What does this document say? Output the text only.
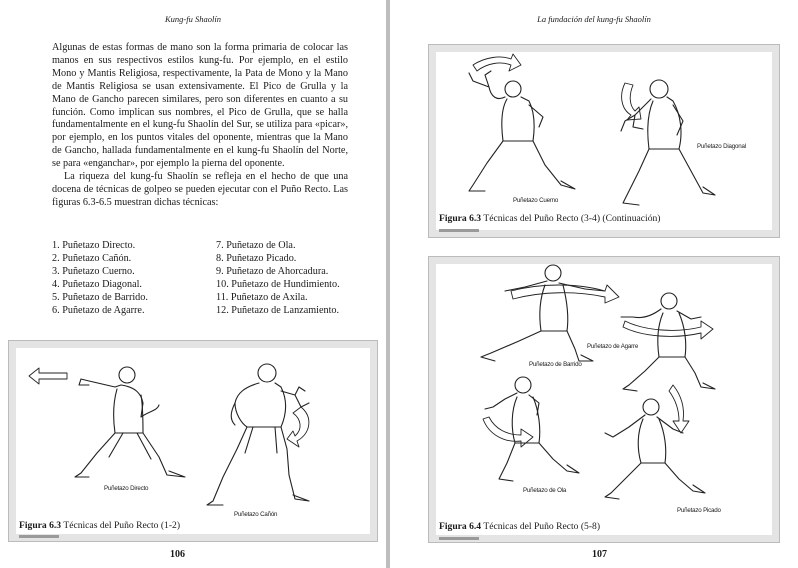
Kung-fu Shaolín

Algunas de estas formas de mano son la forma primaria de colocar las manos en sus respectivos estilos kung-fu. Por ejemplo, en el estilo Mono y Mantis Religiosa, respectivamente, la Pata de Mono y la Mano de Mantis Religiosa se usan extensivamente. El Pico de Grulla y la Mano de Gancho parecen similares, pero son diferentes en cuanto a su función. Como implican sus nombres, el Pico de Grulla, que se halla fundamentalmente en el kung-fu Shaolín del Sur, se utiliza para «picar», por ejemplo, en los puntos vitales del oponente, mientras que la Mano de Gancho, hallada fundamentalmente en el kung-fu Shaolín del Norte, se para «enganchar», por ejemplo la pierna del oponente.

La riqueza del kung-fu Shaolín se refleja en el hecho de que una docena de técnicas de golpeo se pueden ejecutar con el Puño Recto. Las figuras 6.3-6.5 muestran dichas técnicas:

1. Puñetazo Directo.
2. Puñetazo Cañón.
3. Puñetazo Cuerno.
4. Puñetazo Diagonal.
5. Puñetazo de Barrido.
6. Puñetazo de Agarre.
7. Puñetazo de Ola.
8. Puñetazo Picado.
9. Puñetazo de Ahorcadura.
10. Puñetazo de Hundimiento.
11. Puñetazo de Axila.
12. Puñetazo de Lanzamiento.
Puñetazo Directo
Puñetazo Cañón
Figura 6.3 Técnicas del Puño Recto (1-2)
106
La fundación del kung-fu Shaolín
Puñetazo Cuerno
Puñetazo Diagonal
Figura 6.3 Técnicas del Puño Recto (3-4) (Continuación)
Puñetazo de Barrido
Puñetazo de Agarre
Puñetazo de Ola
Puñetazo Picado
Figura 6.4 Técnicas del Puño Recto (5-8)
107
